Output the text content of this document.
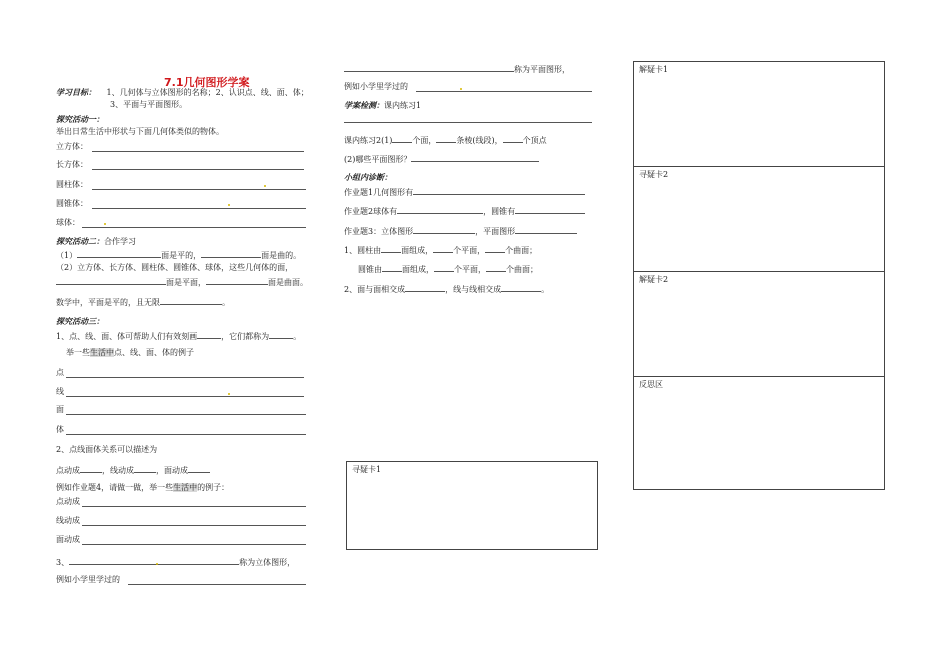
7.1几何图形学案
学习目标： 1、几何体与立体图形的名称；2、认识点、线、面、体；
3、平面与平面图形。
探究活动一：
举出日常生活中形状与下面几何体类似的物体。
立方体：
长方体：
圆柱体：
圆锥体：
球体：
探究活动二：合作学习
（1）	面是平的，	面是曲的。
（2）立方体、长方体、圆柱体、圆锥体、球体，这些几何体的面，
面是平面，	面是曲面。
数学中，平面是平的，且无限	。
探究活动三：
1、点、线、面、体可帮助人们有效刻画	，它们都称为	。
举一些生活中点、线、面、体的例子
点
线
面
体
2、点线面体关系可以描述为
点动成	，线动成	，面动成
例如作业题4，请做一做，举一些生活中的例子：
点动成
线动成
面动成
3、	称为立体图形，
例如小学里学过的
称为平面图形，
例如小学里学过的
学案检测：课内练习1
课内练习2(1)	个面，	条棱(线段)，	个顶点
(2)哪些平面图形？
小组内诊断：
作业题1几何图形有
作业题2球体有	，圆锥有
作业题3：立体图形	，平面图形
1、圆柱由	面组成，	个平面，	个曲面；
圆锥由	面组成，	个平面，	个曲面；
2、面与面相交成	，线与线相交成	。
寻疑卡1
解疑卡1
寻疑卡2
解疑卡2
反思区
